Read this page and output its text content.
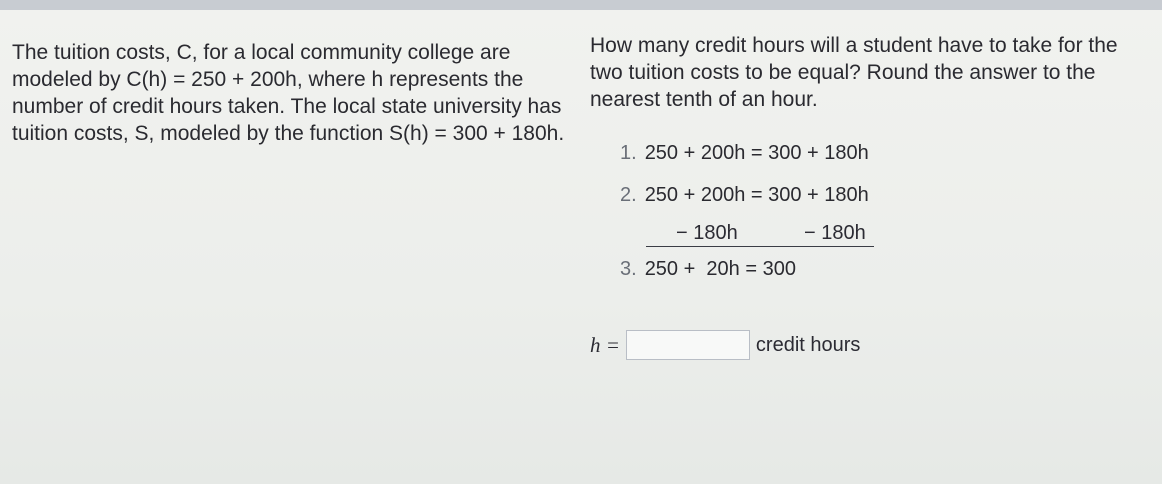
The tuition costs, C, for a local community college are modeled by C(h) = 250 + 200h, where h represents the number of credit hours taken. The local state university has tuition costs, S, modeled by the function S(h) = 300 + 180h.

How many credit hours will a student have to take for the two tuition costs to be equal? Round the answer to the nearest tenth of an hour.

1. 250 + 200h = 300 + 180h
2. 250 + 200h = 300 + 180h
− 180h	− 180h
3. 250 +  20h = 300
h =	credit hours
